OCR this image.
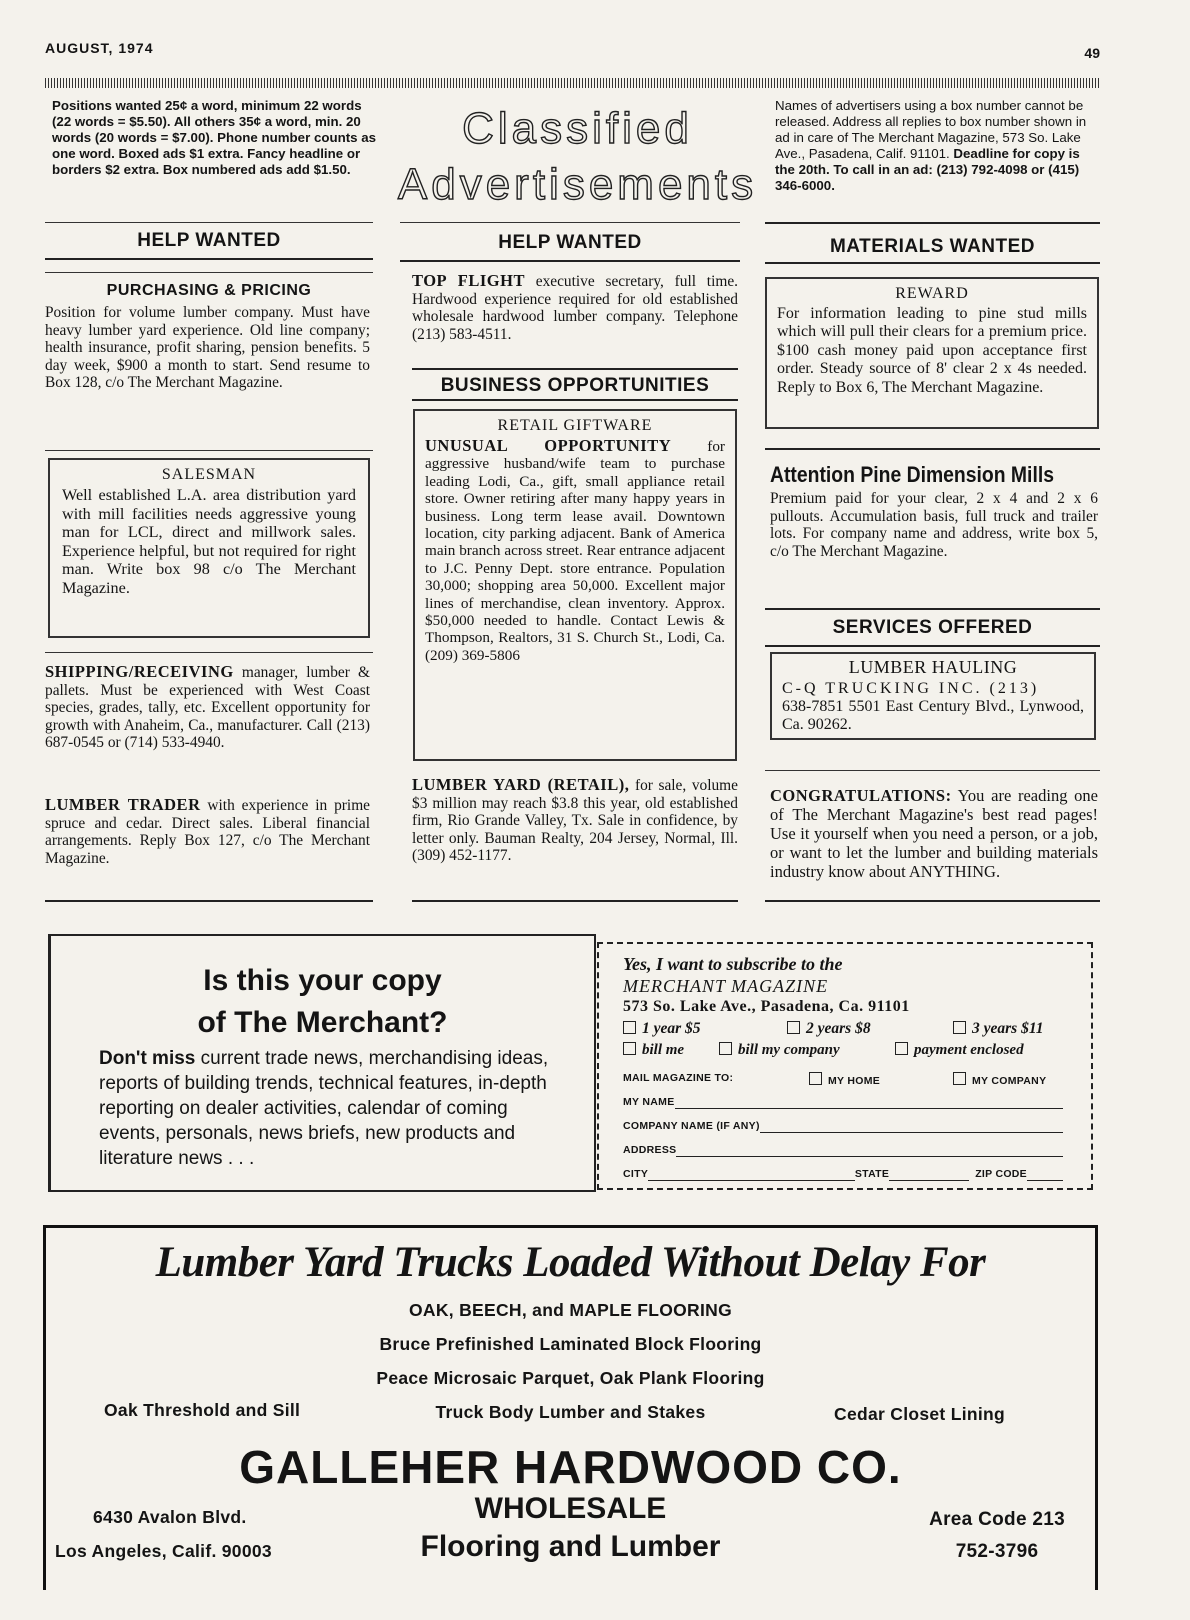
AUGUST, 1974	49
Positions wanted 25¢ a word, minimum 22 words (22 words = $5.50). All others 35¢ a word, min. 20 words (20 words = $7.00). Phone number counts as one word. Boxed ads $1 extra. Fancy headline or borders $2 extra. Box numbered ads add $1.50.
Classified
Advertisements
Names of advertisers using a box number cannot be released. Address all replies to box number shown in ad in care of The Merchant Magazine, 573 So. Lake Ave., Pasadena, Calif. 91101. Deadline for copy is the 20th. To call in an ad: (213) 792-4098 or (415) 346-6000.
HELP WANTED
PURCHASING & PRICING
Position for volume lumber company. Must have heavy lumber yard experience. Old line company; health insurance, profit sharing, pension benefits. 5 day week, $900 a month to start. Send resume to Box 128, c/o The Merchant Magazine.
SALESMAN
Well established L.A. area distribution yard with mill facilities needs aggressive young man for LCL, direct and millwork sales. Experience helpful, but not required for right man. Write box 98 c/o The Merchant Magazine.
SHIPPING/RECEIVING manager, lumber & pallets. Must be experienced with West Coast species, grades, tally, etc. Excellent opportunity for growth with Anaheim, Ca., manufacturer. Call (213) 687-0545 or (714) 533-4940.
LUMBER TRADER with experience in prime spruce and cedar. Direct sales. Liberal financial arrangements. Reply Box 127, c/o The Merchant Magazine.
HELP WANTED
TOP FLIGHT executive secretary, full time. Hardwood experience required for old established wholesale hardwood lumber company. Telephone (213) 583-4511.
BUSINESS OPPORTUNITIES
RETAIL GIFTWARE
UNUSUAL OPPORTUNITY for aggressive husband/wife team to purchase leading Lodi, Ca., gift, small appliance retail store. Owner retiring after many happy years in business. Long term lease avail. Downtown location, city parking adjacent. Bank of America main branch across street. Rear entrance adjacent to J.C. Penny Dept. store entrance. Population 30,000; shopping area 50,000. Excellent major lines of merchandise, clean inventory. Approx. $50,000 needed to handle. Contact Lewis & Thompson, Realtors, 31 S. Church St., Lodi, Ca. (209) 369-5806
LUMBER YARD (RETAIL), for sale, volume $3 million may reach $3.8 this year, old established firm, Rio Grande Valley, Tx. Sale in confidence, by letter only. Bauman Realty, 204 Jersey, Normal, Ill. (309) 452-1177.
MATERIALS WANTED
REWARD
For information leading to pine stud mills which will pull their clears for a premium price. $100 cash money paid upon acceptance first order. Steady source of 8' clear 2 x 4s needed. Reply to Box 6, The Merchant Magazine.
Attention Pine Dimension Mills
Premium paid for your clear, 2 x 4 and 2 x 6 pullouts. Accumulation basis, full truck and trailer lots. For company name and address, write box 5, c/o The Merchant Magazine.
SERVICES OFFERED
LUMBER HAULING
C-Q TRUCKING INC. (213)
638-7851 5501 East Century Blvd., Lynwood, Ca. 90262.
CONGRATULATIONS: You are reading one of The Merchant Magazine's best read pages! Use it yourself when you need a person, or a job, or want to let the lumber and building materials industry know about ANYTHING.
Is this your copy
of The Merchant?
Don't miss current trade news, merchandising ideas, reports of building trends, technical features, in-depth reporting on dealer activities, calendar of coming events, personals, news briefs, new products and literature news . . .
Yes, I want to subscribe to the
MERCHANT MAGAZINE
573 So. Lake Ave., Pasadena, Ca. 91101
1 year $5	2 years $8	3 years $11
bill me	bill my company	payment enclosed
MAIL MAGAZINE TO:	MY HOME	MY COMPANY
MY NAME
COMPANY NAME (IF ANY)
ADDRESS
CITY	STATE	ZIP CODE
Lumber Yard Trucks Loaded Without Delay For
OAK, BEECH, and MAPLE FLOORING
Bruce Prefinished Laminated Block Flooring
Peace Microsaic Parquet, Oak Plank Flooring
Oak Threshold and Sill	Truck Body Lumber and Stakes	Cedar Closet Lining
GALLEHER HARDWOOD CO.
6430 Avalon Blvd.
Los Angeles, Calif. 90003
WHOLESALE
Flooring and Lumber
Area Code 213
752-3796
